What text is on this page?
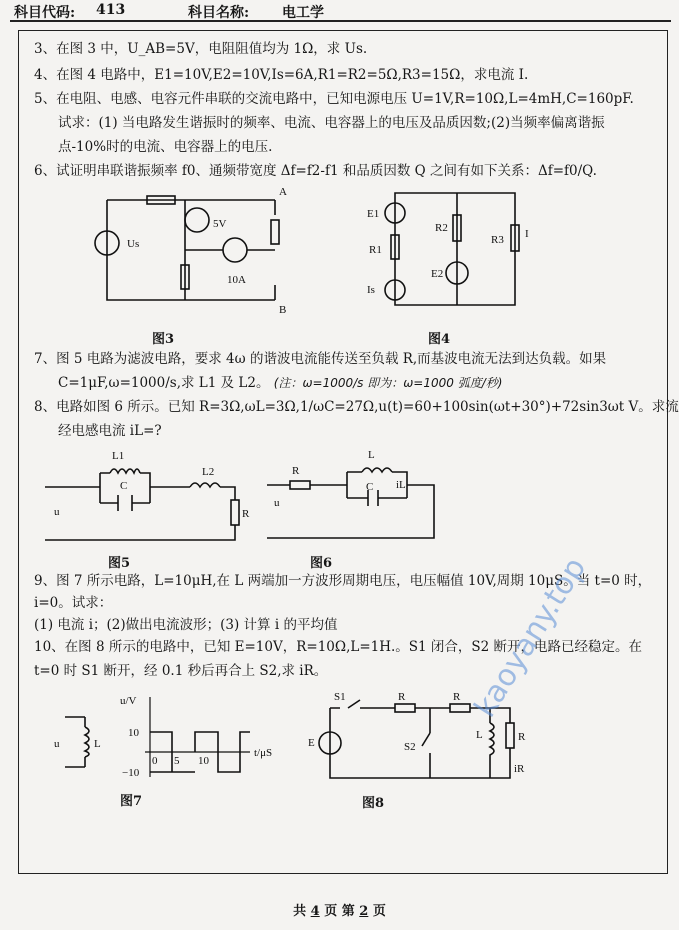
科目代码: 413	科目名称: 电工学
3、在图 3 中，U_AB=5V，电阻阻值均为 1Ω，求 Us.
4、在图 4 电路中，E1=10V,E2=10V,Is=6A,R1=R2=5Ω,R3=15Ω，求电流 I.
5、在电阻、电感、电容元件串联的交流电路中，已知电源电压 U=1V,R=10Ω,L=4mH,C=160pF.
试求：(1) 当电路发生谐振时的频率、电流、电容器上的电压及品质因数;(2)当频率偏离谐振
点-10%时的电流、电容器上的电压.
6、试证明串联谐振频率 f0、通频带宽度 Δf=f2-f1 和品质因数 Q 之间有如下关系：Δf=f0/Q.
Us
5V
10A
A
B
图3
E1
R1
Is
R2
E2
R3 I
图4
7、图 5 电路为滤波电路，要求 4ω 的谐波电流能传送至负载 R,而基波电流无法到达负载。如果
C=1μF,ω=1000/s,求 L1 及 L2。 (注：ω=1000/s 即为：ω=1000 弧度/秒)
8、电路如图 6 所示。已知 R=3Ω,ωL=3Ω,1/ωC=27Ω,u(t)=60+100sin(ωt+30°)+72sin3ωt V。求流
经电感电流 iL=?
L1
L2
C
R
u
图5
R
L
C iL
u
图6
9、图 7 所示电路，L=10μH,在 L 两端加一方波形周期电压，电压幅值 10V,周期 10μS。当 t=0 时，
i=0。试求：
(1) 电流 i；(2)做出电流波形；(3) 计算 i 的平均值
10、在图 8 所示的电路中，已知 E=10V，R=10Ω,L=1H.。S1 闭合，S2 断开，电路已经稳定。在
t=0 时 S1 断开，经 0.1 秒后再合上 S2,求 iR。
u	L
u/V
t/μS
10
−10
0 5 10
图7
S1	R	R
S2
E
L	R
iR
图8
kaoyany.top
共 4 页 第 2 页
